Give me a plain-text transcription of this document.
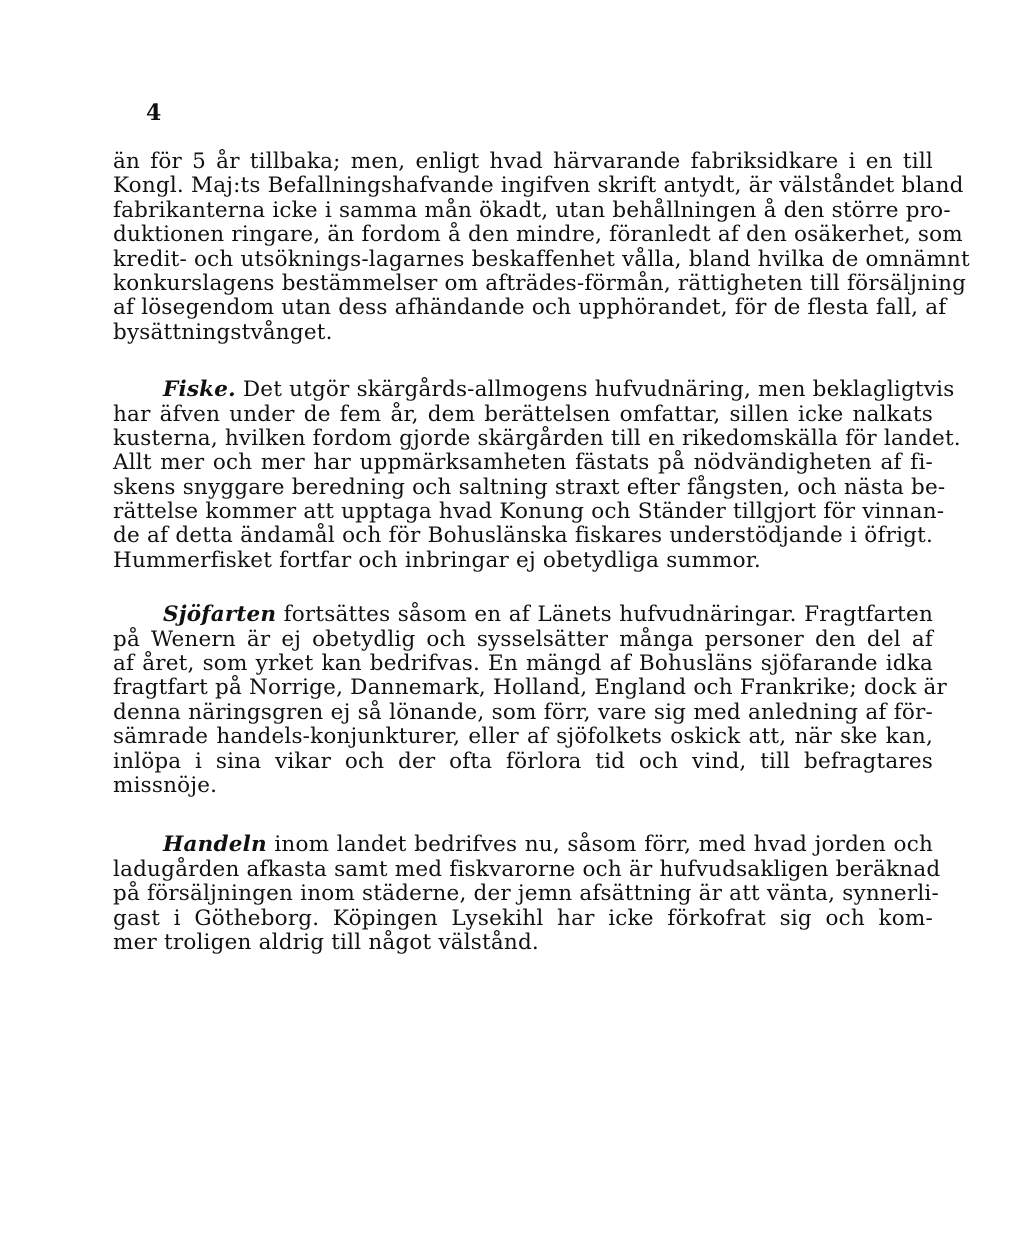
4
än för 5 år tillbaka; men, enligt hvad härvarande fabriksidkare i en till
Kongl. Maj:ts Befallningshafvande ingifven skrift antydt, är välståndet bland
fabrikanterna icke i samma mån ökadt, utan behållningen å den större pro-
duktionen ringare, än fordom å den mindre, föranledt af den osäkerhet, som
kredit- och utsöknings-lagarnes beskaffenhet vålla, bland hvilka de omnämnt
konkurslagens bestämmelser om afträdes-förmån, rättigheten till försäljning
af lösegendom utan dess afhändande och upphörandet, för de flesta fall, af
bysättningstvånget.
Fiske. Det utgör skärgårds-allmogens hufvudnäring, men beklagligtvis
har äfven under de fem år, dem berättelsen omfattar, sillen icke nalkats
kusterna, hvilken fordom gjorde skärgården till en rikedomskälla för landet.
Allt mer och mer har uppmärksamheten fästats på nödvändigheten af fi-
skens snyggare beredning och saltning straxt efter fångsten, och nästa be-
rättelse kommer att upptaga hvad Konung och Ständer tillgjort för vinnan-
de af detta ändamål och för Bohuslänska fiskares understödjande i öfrigt.
Hummerfisket fortfar och inbringar ej obetydliga summor.
Sjöfarten fortsättes såsom en af Länets hufvudnäringar. Fragtfarten
på Wenern är ej obetydlig och sysselsätter många personer den del af
af året, som yrket kan bedrifvas. En mängd af Bohusläns sjöfarande idka
fragtfart på Norrige, Dannemark, Holland, England och Frankrike; dock är
denna näringsgren ej så lönande, som förr, vare sig med anledning af för-
sämrade handels-konjunkturer, eller af sjöfolkets oskick att, när ske kan,
inlöpa i sina vikar och der ofta förlora tid och vind, till befragtares
missnöje.
Handeln inom landet bedrifves nu, såsom förr, med hvad jorden och
ladugården afkasta samt med fiskvarorne och är hufvudsakligen beräknad
på försäljningen inom städerne, der jemn afsättning är att vänta, synnerli-
gast i Götheborg. Köpingen Lysekihl har icke förkofrat sig och kom-
mer troligen aldrig till något välstånd.
